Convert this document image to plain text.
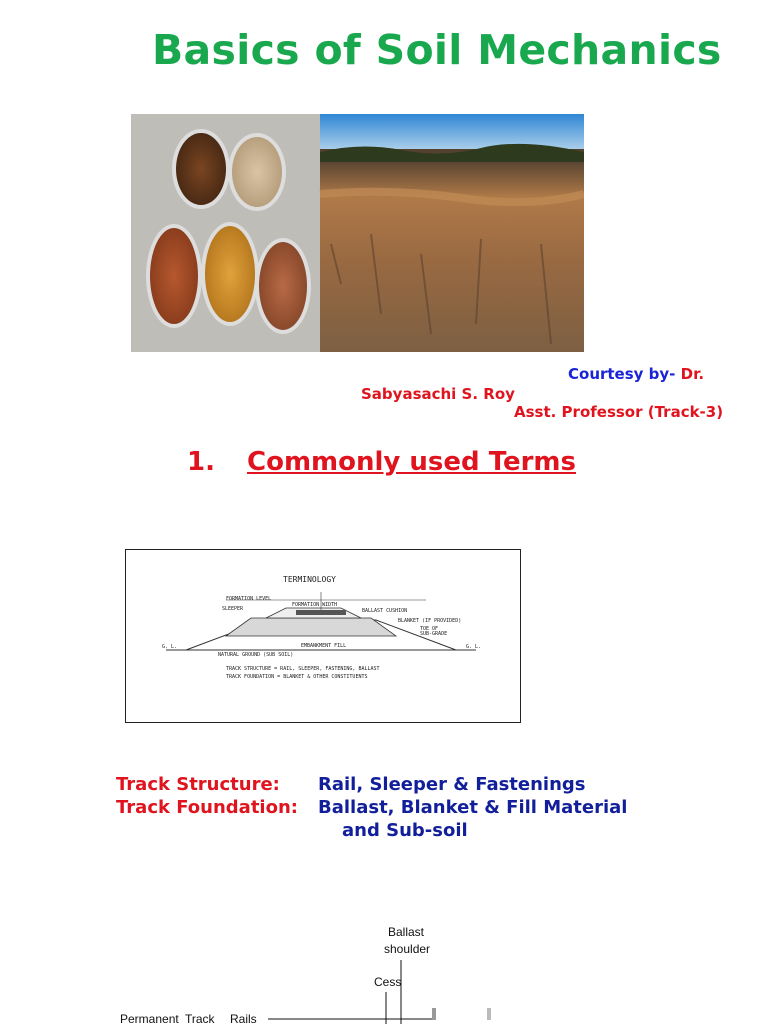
Basics of Soil Mechanics
Courtesy by- Dr.
Sabyasachi S. Roy
Asst. Professor (Track-3)
1. Commonly used Terms
TERMINOLOGY
FORMATION LEVEL
SLEEPER
FORMATION WIDTH
BALLAST CUSHION
BLANKET (IF PROVIDED)
TOE OF
SUB-GRADE
NATURAL GROUND (SUB SOIL)
EMBANKMENT FILL
G. L.	G. L.
TRACK STRUCTURE = RAIL, SLEEPER, FASTENING, BALLAST
TRACK FOUNDATION = BLANKET & OTHER CONSTITUENTS
Track Structure: Rail, Sleeper & Fastenings
Track Foundation: Ballast, Blanket & Fill Material
and Sub-soil
Ballast
shoulder
Cess
Permanent Track Rails
